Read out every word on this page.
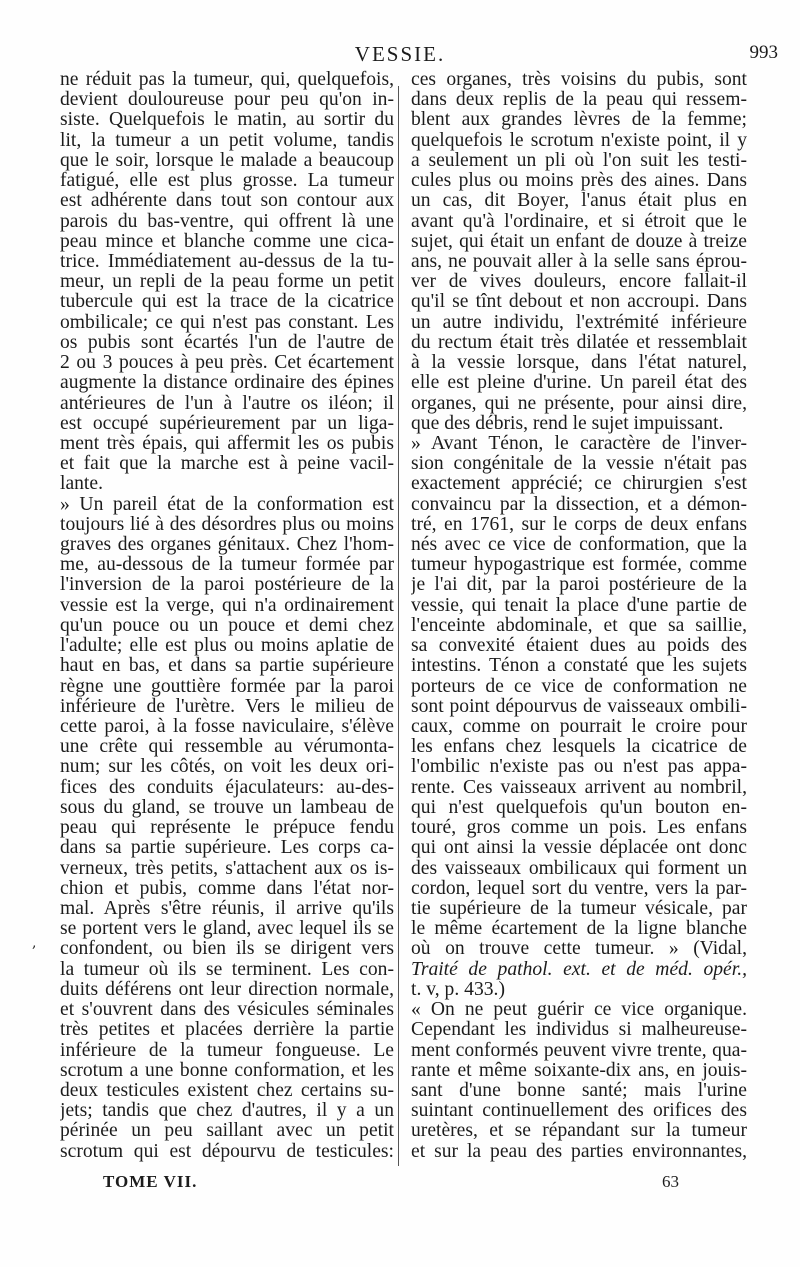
VESSIE.	993
ne réduit pas la tumeur, qui, quelquefois,
devient douloureuse pour peu qu'on in-
siste. Quelquefois le matin, au sortir du
lit, la tumeur a un petit volume, tandis
que le soir, lorsque le malade a beaucoup
fatigué, elle est plus grosse. La tumeur
est adhérente dans tout son contour aux
parois du bas-ventre, qui offrent là une
peau mince et blanche comme une cica-
trice. Immédiatement au-dessus de la tu-
meur, un repli de la peau forme un petit
tubercule qui est la trace de la cicatrice
ombilicale; ce qui n'est pas constant. Les
os pubis sont écartés l'un de l'autre de
2 ou 3 pouces à peu près. Cet écartement
augmente la distance ordinaire des épines
antérieures de l'un à l'autre os iléon; il
est occupé supérieurement par un liga-
ment très épais, qui affermit les os pubis
et fait que la marche est à peine vacil-
lante.
» Un pareil état de la conformation est
toujours lié à des désordres plus ou moins
graves des organes génitaux. Chez l'hom-
me, au-dessous de la tumeur formée par
l'inversion de la paroi postérieure de la
vessie est la verge, qui n'a ordinairement
qu'un pouce ou un pouce et demi chez
l'adulte; elle est plus ou moins aplatie de
haut en bas, et dans sa partie supérieure
règne une gouttière formée par la paroi
inférieure de l'urètre. Vers le milieu de
cette paroi, à la fosse naviculaire, s'élève
une crête qui ressemble au vérumonta-
num; sur les côtés, on voit les deux ori-
fices des conduits éjaculateurs: au-des-
sous du gland, se trouve un lambeau de
peau qui représente le prépuce fendu
dans sa partie supérieure. Les corps ca-
verneux, très petits, s'attachent aux os is-
chion et pubis, comme dans l'état nor-
mal. Après s'être réunis, il arrive qu'ils
se portent vers le gland, avec lequel ils se
confondent, ou bien ils se dirigent vers
la tumeur où ils se terminent. Les con-
duits déférens ont leur direction normale,
et s'ouvrent dans des vésicules séminales
très petites et placées derrière la partie
inférieure de la tumeur fongueuse. Le
scrotum a une bonne conformation, et les
deux testicules existent chez certains su-
jets; tandis que chez d'autres, il y a un
périnée un peu saillant avec un petit
scrotum qui est dépourvu de testicules:
ces organes, très voisins du pubis, sont
dans deux replis de la peau qui ressem-
blent aux grandes lèvres de la femme;
quelquefois le scrotum n'existe point, il y
a seulement un pli où l'on suit les testi-
cules plus ou moins près des aines. Dans
un cas, dit Boyer, l'anus était plus en
avant qu'à l'ordinaire, et si étroit que le
sujet, qui était un enfant de douze à treize
ans, ne pouvait aller à la selle sans éprou-
ver de vives douleurs, encore fallait-il
qu'il se tînt debout et non accroupi. Dans
un autre individu, l'extrémité inférieure
du rectum était très dilatée et ressemblait
à la vessie lorsque, dans l'état naturel,
elle est pleine d'urine. Un pareil état des
organes, qui ne présente, pour ainsi dire,
que des débris, rend le sujet impuissant.
» Avant Ténon, le caractère de l'inver-
sion congénitale de la vessie n'était pas
exactement apprécié; ce chirurgien s'est
convaincu par la dissection, et a démon-
tré, en 1761, sur le corps de deux enfans
nés avec ce vice de conformation, que la
tumeur hypogastrique est formée, comme
je l'ai dit, par la paroi postérieure de la
vessie, qui tenait la place d'une partie de
l'enceinte abdominale, et que sa saillie,
sa convexité étaient dues au poids des
intestins. Ténon a constaté que les sujets
porteurs de ce vice de conformation ne
sont point dépourvus de vaisseaux ombili-
caux, comme on pourrait le croire pour
les enfans chez lesquels la cicatrice de
l'ombilic n'existe pas ou n'est pas appa-
rente. Ces vaisseaux arrivent au nombril,
qui n'est quelquefois qu'un bouton en-
touré, gros comme un pois. Les enfans
qui ont ainsi la vessie déplacée ont donc
des vaisseaux ombilicaux qui forment un
cordon, lequel sort du ventre, vers la par-
tie supérieure de la tumeur vésicale, par
le même écartement de la ligne blanche
où on trouve cette tumeur. » (Vidal,
Traité de pathol. ext. et de méd. opér.,
t. v, p. 433.)
« On ne peut guérir ce vice organique.
Cependant les individus si malheureuse-
ment conformés peuvent vivre trente, qua-
rante et même soixante-dix ans, en jouis-
sant d'une bonne santé; mais l'urine
suintant continuellement des orifices des
uretères, et se répandant sur la tumeur
et sur la peau des parties environnantes,
,
TOME VII.	63
